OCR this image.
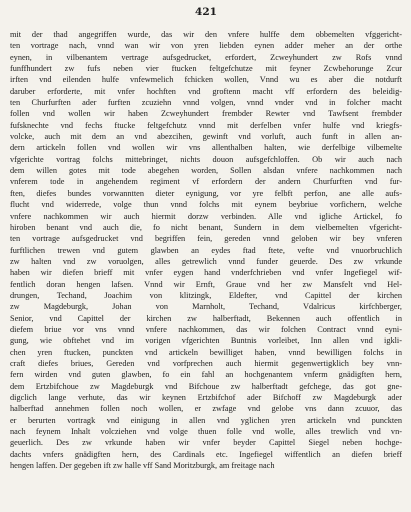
421
mit der thad angegriffen wurde, das wir den vnfere hulffe dem obbemelten vfggericht-
ten vortrage nach, vnnd wan wir von yren liebden eynen adder meher an der orthe
eynen, in vilbenantem vertrage aufsgedrucket, erfordert, Zcweyhundert zw Rofs vnnd
funffhundert zw fufs neben vier ftucken feltgefchutze mit feyner Zcwbehorunge Zcur
irften vnd eilenden hulfe vnfewmelich fchicken wollen, Vnnd wu es aber die notdurft
daruber erforderte, mit vnfer hochften vnd groftenn macht vff erfordern des beleidig-
ten Churfurften ader furften zcuziehn vnnd volgen, vnnd vnder vnd in folcher macht
follen vnd wollen wir haben Zcweyhundert frembder Rewter vnd Tawfsent frembder
fufsknechte vnd fechs ftucke feltgefchutz vnnd mit derfelben vnfer hulfe vnd kriegfs-
volcke, auch mit dem an vnd abezcihen, gewinft vnd vorluft, auch funft in allen an-
dern artickeln follen vnd wollen wir vns allenthalben halten, wie derfelbige vilbemelte
vfgerichte vortrag folchs mittebringet, nichts douon aufsgefchloffen. Ob wir auch nach
dem willen gotes mit tode abegehen worden, Sollen alsdan vnfere nachkommen nach
vnferem tode in angehendem regiment vf erfordern der andern Churfurften vnd fur-
ften, diefes bundes vorwanntten dieter eynigung, vor yre felbft perfon, ane alle aufs-
flucht vnd widerrede, volge thun vnnd folchs mit eynem beybriue vorfichern, welche
vnfere nachkommen wir auch hiermit dorzw verbinden. Alle vnd igliche Artickel, fo
hiroben benant vnd auch die, fo nicht benant, Sundern in dem vielbemelten vfgericht-
ten vortrage aufsgedrucket vnd begriffen fein, gereden vnnd geloben wir bey vnferen
furftlichen trewen vnd gutem glawben an eydes ftad ftete, vefte vnd vnuorbruchlich
zw halten vnd zw voruolgen, alles getrewlich vnnd funder geuerde. Des zw vrkunde
haben wir diefen brieff mit vnfer eygen hand vnderfchrieben vnd vnfer Ingefiegel wif-
fentlich doran hengen lafsen. Vnnd wir Ernft, Graue vnd her zw Mansfelt vnd Hel-
drungen, Techand, Joachim von klitzingk, Eldefter, vnd Capittel der kirchen
zw Magdeburgk, Johan von Marnholt, Techand, Vdalricus kirfchberger,
Senior, vnd Capittel der kirchen zw halberftadt, Bekennen auch offentlich in
diefem briue vor vns vnnd vnfere nachkommen, das wir folchen Contract vnnd eyni-
gung, wie obftehet vnd im vorigen vfgerichten Buntnis vorleibet, Inn allen vnd igkli-
chen yren ftucken, punckten vnd artickeln bewilliget haben, vnnd bewilligen folchs in
craft diefes briues, Gereden vnd vorfprechen auch hiermit gegenwertigklich bey vnn-
fern wirden vnd guten glawben, fo ein fahl an hochgenantem vnferm gnädigften hern,
dem Ertzbifchoue zw Magdeburgk vnd Bifchoue zw halberftadt gefchege, das got gne-
digclich lange verhute, das wir keynen Ertzbifchof ader Bifchoff zw Magdeburgk ader
halberftad annehmen follen noch wollen, er zwfage vnd gelobe vns dann zcuuor, das
er berurten vortragk vnd einigung in allen vnd yglichen yren artickeln vnd punckten
nach feynem Inhalt volcziehen vnd volge thuen folle vnd wolle, alles trewlich vnd vn-
geuerlich. Des zw vrkunde haben wir vnfer beyder Capittel Siegel neben hochge-
dachts vnfers gnädigften hern, des Cardinals etc. Ingefiegel wiffentlich an diefen brieff
hengen laffen. Der gegeben ift zw halle vff Sand Moritzburgk, am freitage nach
